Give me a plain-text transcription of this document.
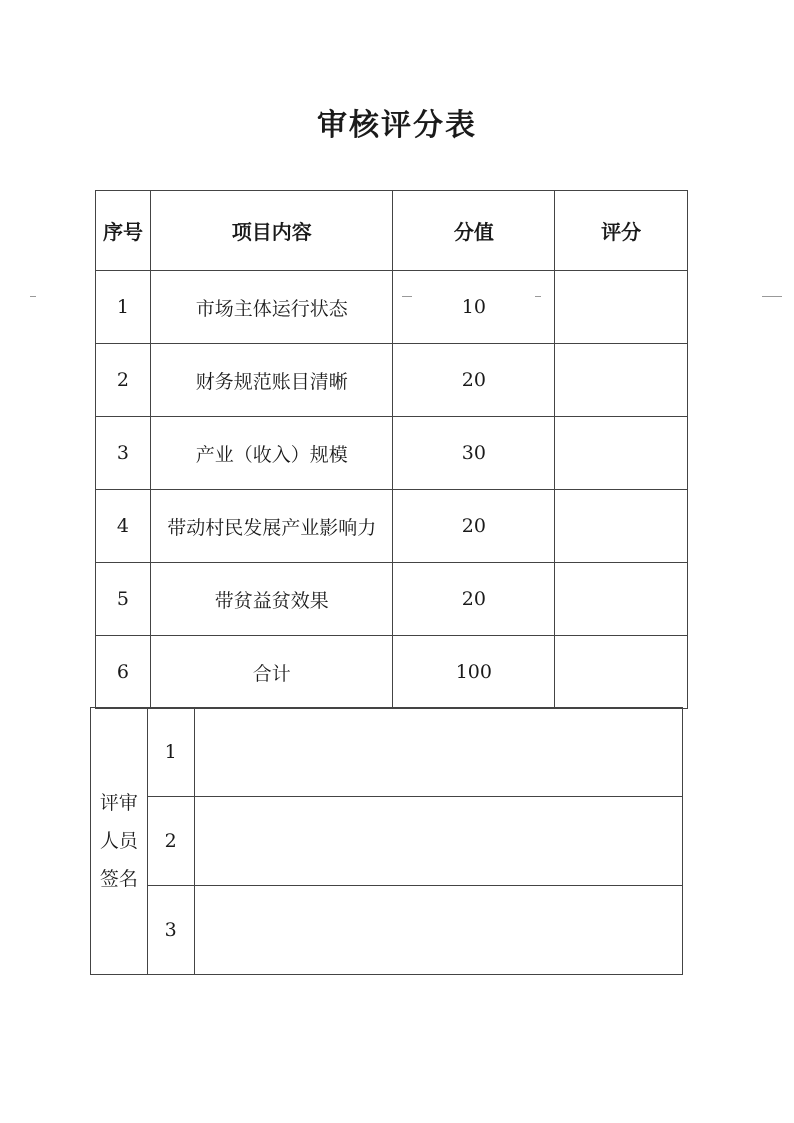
审核评分表
序号	项目内容	分值	评分
1	市场主体运行状态	10	
2	财务规范账目清晰	20	
3	产业（收入）规模	30	
4	带动村民发展产业影响力	20	
5	带贫益贫效果	20	
6	合计	100	
评审
人员
签名	1	
	2	
	3	
